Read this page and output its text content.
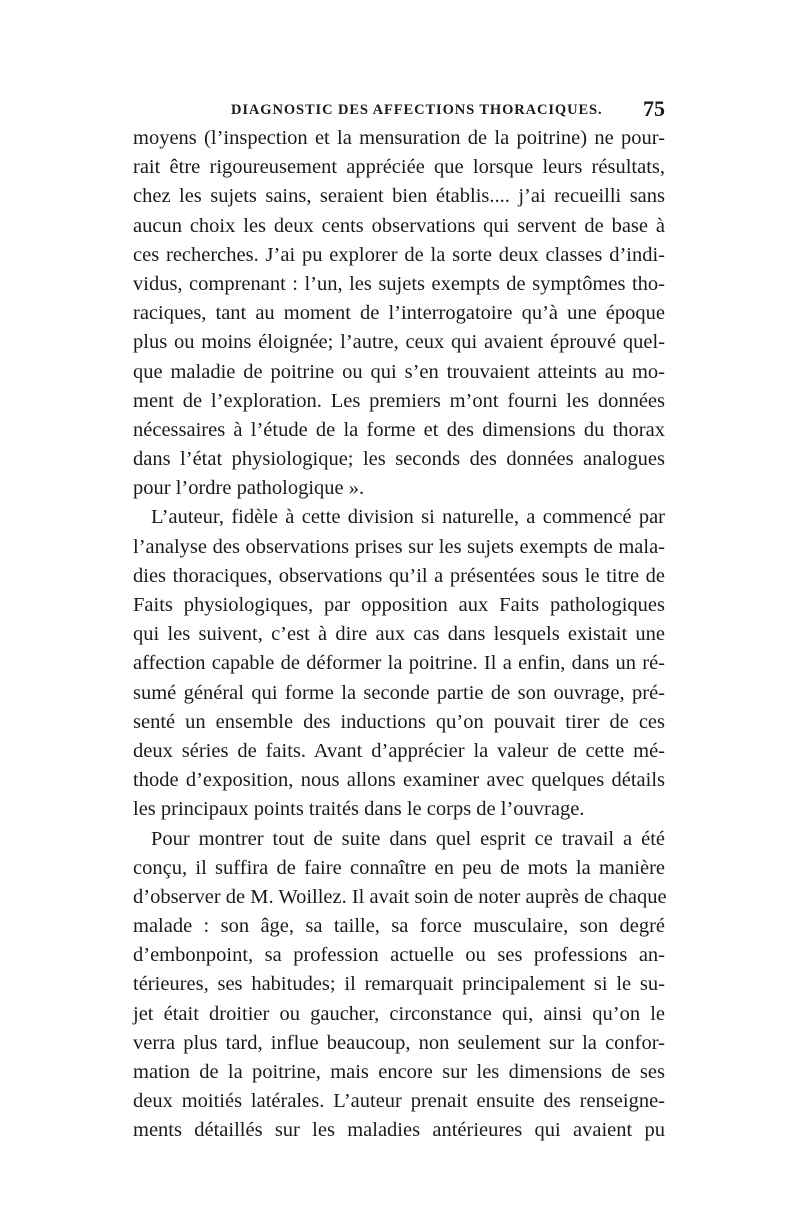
DIAGNOSTIC DES AFFECTIONS THORACIQUES. 75
moyens (l’inspection et la mensuration de la poitrine) ne pour-
rait être rigoureusement appréciée que lorsque leurs résultats,
chez les sujets sains, seraient bien établis.... j’ai recueilli sans
aucun choix les deux cents observations qui servent de base à
ces recherches. J’ai pu explorer de la sorte deux classes d’indi-
vidus, comprenant : l’un, les sujets exempts de symptômes tho-
raciques, tant au moment de l’interrogatoire qu’à une époque
plus ou moins éloignée; l’autre, ceux qui avaient éprouvé quel-
que maladie de poitrine ou qui s’en trouvaient atteints au mo-
ment de l’exploration. Les premiers m’ont fourni les données
nécessaires à l’étude de la forme et des dimensions du thorax
dans l’état physiologique; les seconds des données analogues
pour l’ordre pathologique ».
L’auteur, fidèle à cette division si naturelle, a commencé par
l’analyse des observations prises sur les sujets exempts de mala-
dies thoraciques, observations qu’il a présentées sous le titre de
Faits physiologiques, par opposition aux Faits pathologiques
qui les suivent, c’est à dire aux cas dans lesquels existait une
affection capable de déformer la poitrine. Il a enfin, dans un ré-
sumé général qui forme la seconde partie de son ouvrage, pré-
senté un ensemble des inductions qu’on pouvait tirer de ces
deux séries de faits. Avant d’apprécier la valeur de cette mé-
thode d’exposition, nous allons examiner avec quelques détails
les principaux points traités dans le corps de l’ouvrage.
Pour montrer tout de suite dans quel esprit ce travail a été
conçu, il suffira de faire connaître en peu de mots la manière
d’observer de M. Woillez. Il avait soin de noter auprès de chaque
malade : son âge, sa taille, sa force musculaire, son degré
d’embonpoint, sa profession actuelle ou ses professions an-
térieures, ses habitudes; il remarquait principalement si le su-
jet était droitier ou gaucher, circonstance qui, ainsi qu’on le
verra plus tard, influe beaucoup, non seulement sur la confor-
mation de la poitrine, mais encore sur les dimensions de ses
deux moitiés latérales. L’auteur prenait ensuite des renseigne-
ments détaillés sur les maladies antérieures qui avaient pu
